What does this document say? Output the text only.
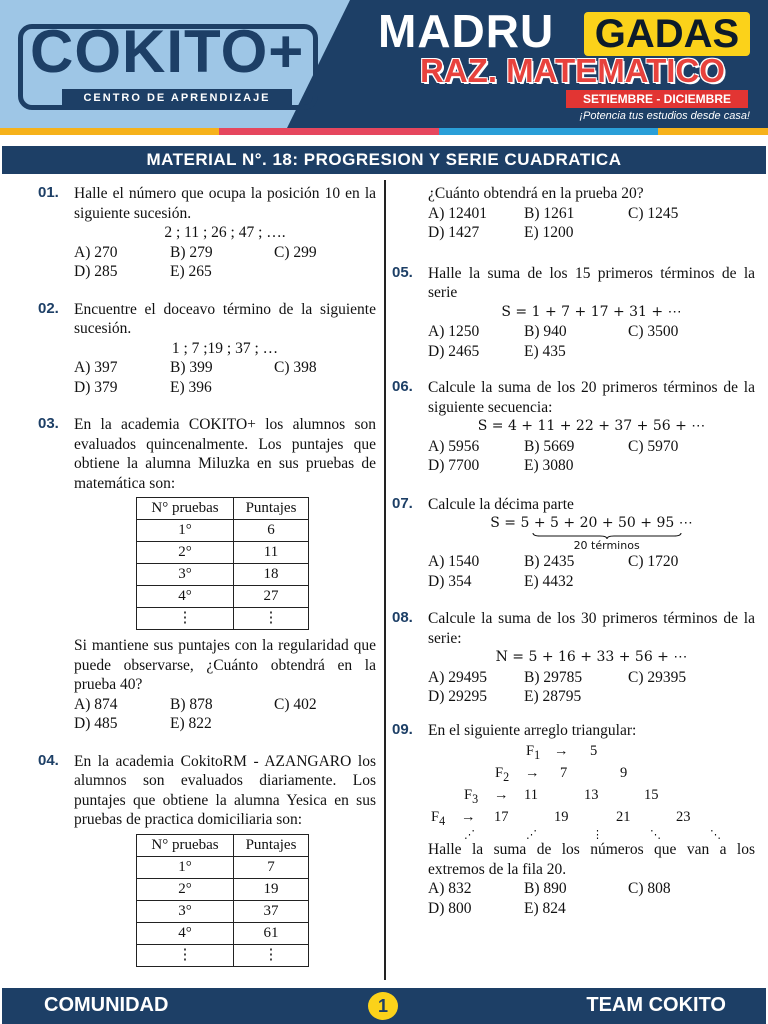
COKITO+
CENTRO DE APRENDIZAJE
MADRU GADAS
RAZ. MATEMATICO
SETIEMBRE - DICIEMBRE
¡Potencia tus estudios desde casa!
MATERIAL N°. 18: PROGRESION Y SERIE CUADRATICA
01. Halle el número que ocupa la posición 10 en la siguiente sucesión.
2 ; 11 ; 26 ; 47 ; ….
A) 270	B) 279	C) 299
D) 285	E) 265
02. Encuentre el doceavo término de la siguiente sucesión.
1 ; 7 ;19 ; 37 ; …
A) 397	B) 399	C) 398
D) 379	E) 396
03. En la academia COKITO+ los alumnos son evaluados quincenalmente. Los puntajes que obtiene la alumna Miluzka en sus pruebas de matemática son:
N° pruebas	Puntajes
1°	6
2°	11
3°	18
4°	27
⋮	⋮
Si mantiene sus puntajes con la regularidad que puede observarse, ¿Cuánto obtendrá en la prueba 40?
A) 874	B) 878	C) 402
D) 485	E) 822
04. En la academia CokitoRM - AZANGARO los alumnos son evaluados diariamente. Los puntajes que obtiene la alumna Yesica en sus pruebas de practica domiciliaria son:
N° pruebas	Puntajes
1°	7
2°	19
3°	37
4°	61
⋮	⋮
¿Cuánto obtendrá en la prueba 20?
A) 12401	B) 1261	C) 1245
D) 1427	E) 1200
05. Halle la suma de los 15 primeros términos de la serie
S = 1 + 7 + 17 + 31 + ⋯
A) 1250	B) 940	C) 3500
D) 2465	E) 435
06. Calcule la suma de los 20 primeros términos de la siguiente secuencia:
S = 4 + 11 + 22 + 37 + 56 + ⋯
A) 5956	B) 5669	C) 5970
D) 7700	E) 3080
07. Calcule la décima parte
S = 5 + 5 + 20 + 50 + 95 ⋯
20 términos
A) 1540	B) 2435	C) 1720
D) 354	E) 4432
08. Calcule la suma de los 30 primeros términos de la serie:
N = 5 + 16 + 33 + 56 + ⋯
A) 29495	B) 29785	C) 29395
D) 29295	E) 28795
09. En el siguiente arreglo triangular:
$F_1 \to 5$
$F_2 \to 7$	9
$F_3 \to 11$	13	15
$F_4 \to 17$	19	21	23
⋰	⋰	⋮	⋱	⋱
Halle la suma de los números que van a los extremos de la fila 20.
A) 832	B) 890	C) 808
D) 800	E) 824
COMUNIDAD	1	TEAM COKITO
